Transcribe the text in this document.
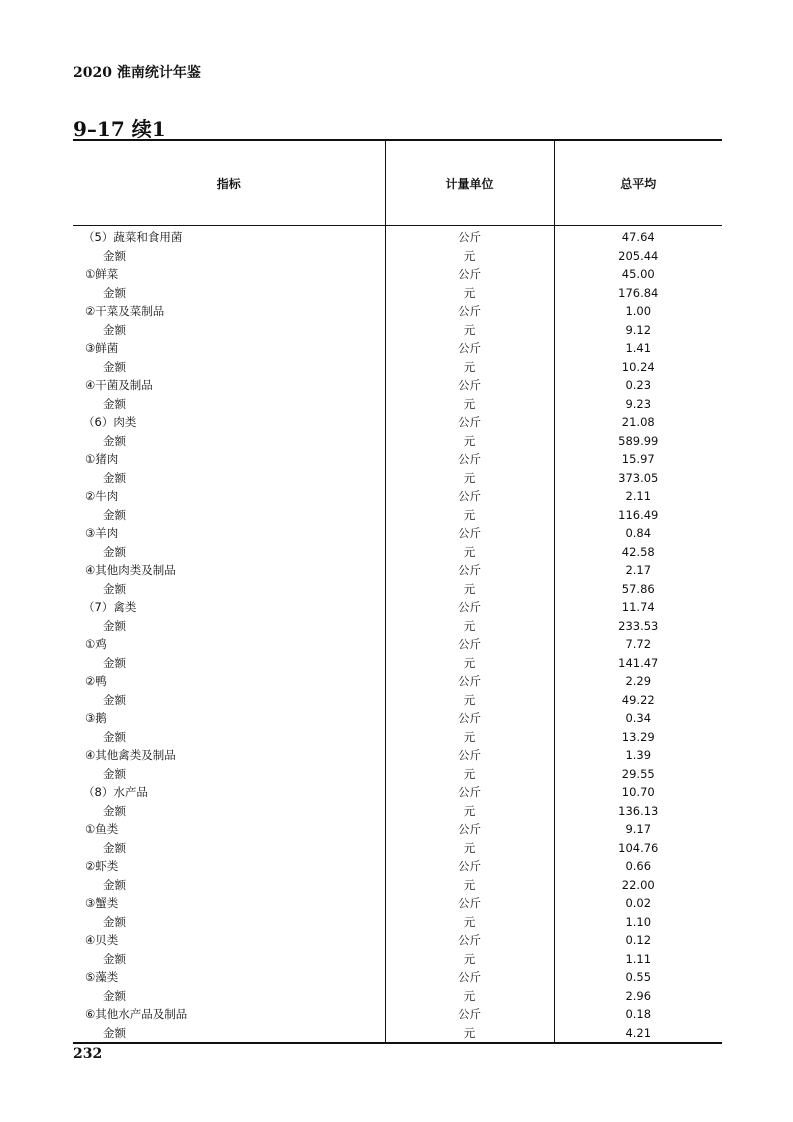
2020 淮南统计年鉴
9–17 续1
指标	计量单位	总平均
（5）蔬菜和食用菌	公斤	47.64
金额	元	205.44
①鲜菜	公斤	45.00
金额	元	176.84
②干菜及菜制品	公斤	1.00
金额	元	9.12
③鲜菌	公斤	1.41
金额	元	10.24
④干菌及制品	公斤	0.23
金额	元	9.23
（6）肉类	公斤	21.08
金额	元	589.99
①猪肉	公斤	15.97
金额	元	373.05
②牛肉	公斤	2.11
金额	元	116.49
③羊肉	公斤	0.84
金额	元	42.58
④其他肉类及制品	公斤	2.17
金额	元	57.86
（7）禽类	公斤	11.74
金额	元	233.53
①鸡	公斤	7.72
金额	元	141.47
②鸭	公斤	2.29
金额	元	49.22
③鹅	公斤	0.34
金额	元	13.29
④其他禽类及制品	公斤	1.39
金额	元	29.55
（8）水产品	公斤	10.70
金额	元	136.13
①鱼类	公斤	9.17
金额	元	104.76
②虾类	公斤	0.66
金额	元	22.00
③蟹类	公斤	0.02
金额	元	1.10
④贝类	公斤	0.12
金额	元	1.11
⑤藻类	公斤	0.55
金额	元	2.96
⑥其他水产品及制品	公斤	0.18
金额	元	4.21
232
